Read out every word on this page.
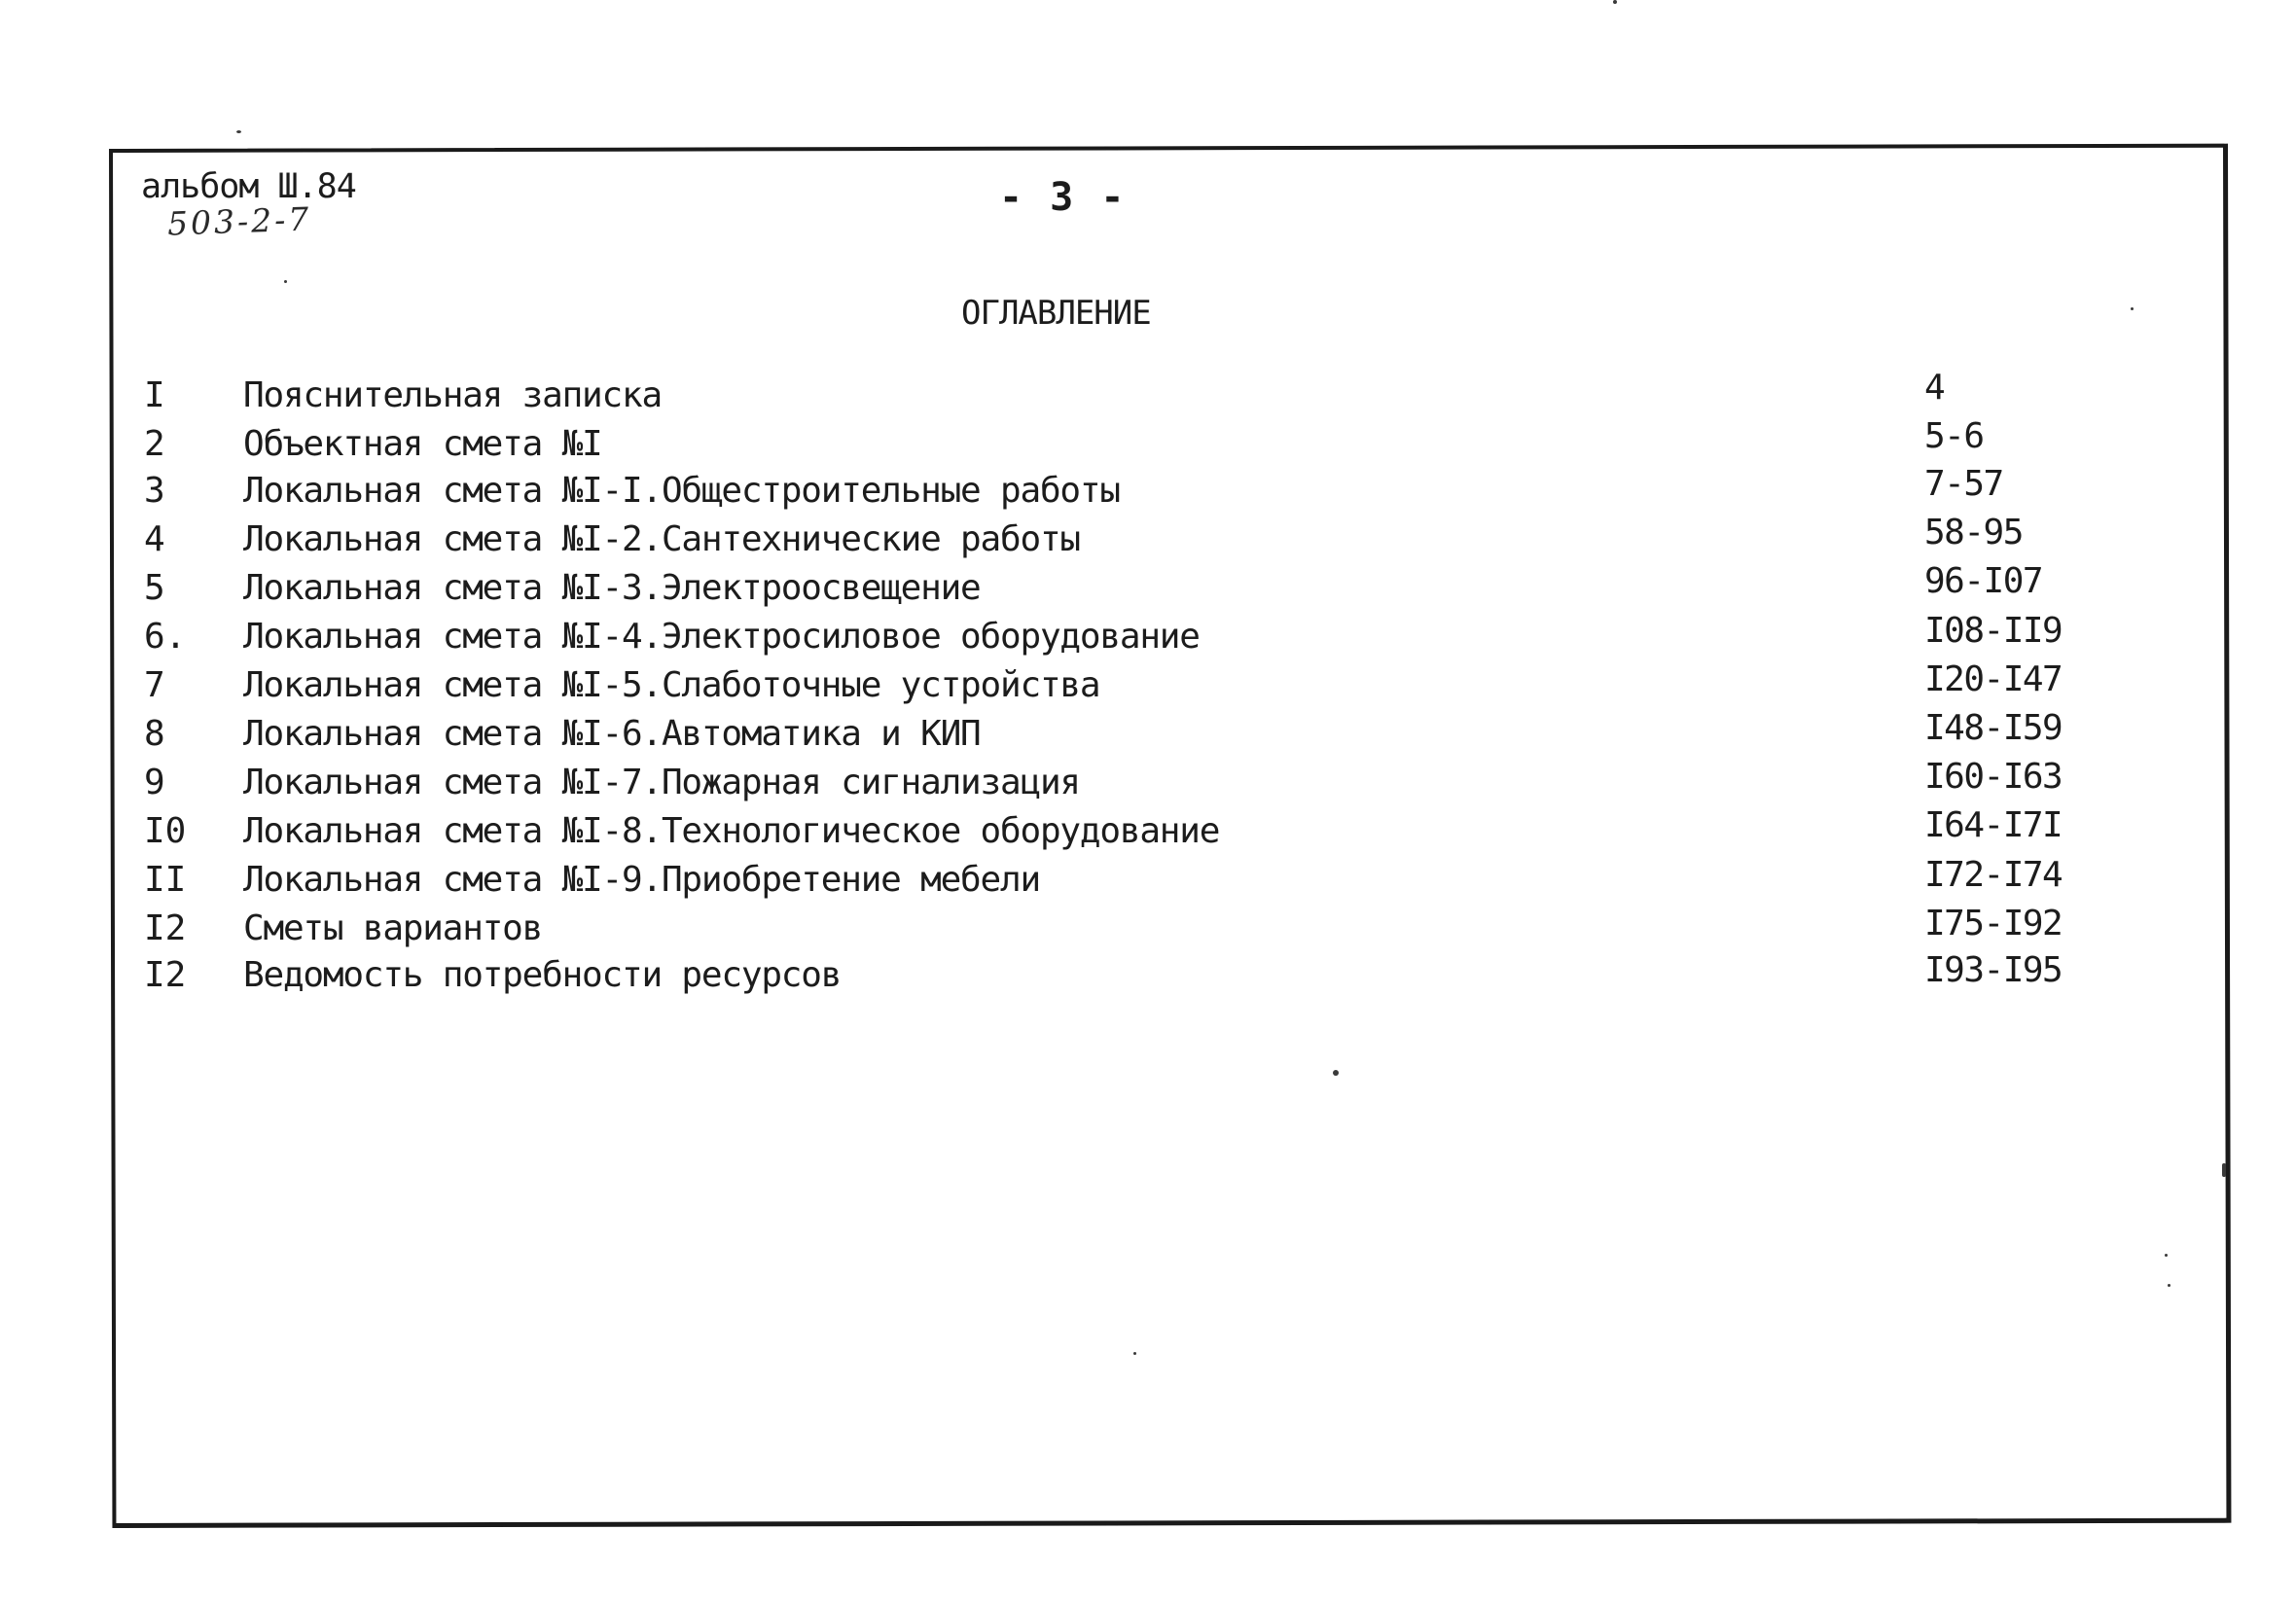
альбом Ш.84
503-2-7
- 3 -
ОГЛАВЛЕНИЕ
I Пояснительная записка	4
2 Объектная смета №I	5-6
3 Локальная смета №I-I.Общестроительные работы	7-57
4 Локальная смета №I-2.Сантехнические работы	58-95
5 Локальная смета №I-3.Электроосвещение	96-I07
6. Локальная смета №I-4.Электросиловое оборудование	I08-II9
7 Локальная смета №I-5.Слаботочные устройства	I20-I47
8 Локальная смета №I-6.Автоматика и КИП	I48-I59
9 Локальная смета №I-7.Пожарная сигнализация	I60-I63
I0 Локальная смета №I-8.Технологическое оборудование	I64-I7I
II Локальная смета №I-9.Приобретение мебели	I72-I74
I2 Сметы вариантов	I75-I92
I2 Ведомость потребности ресурсов	I93-I95
